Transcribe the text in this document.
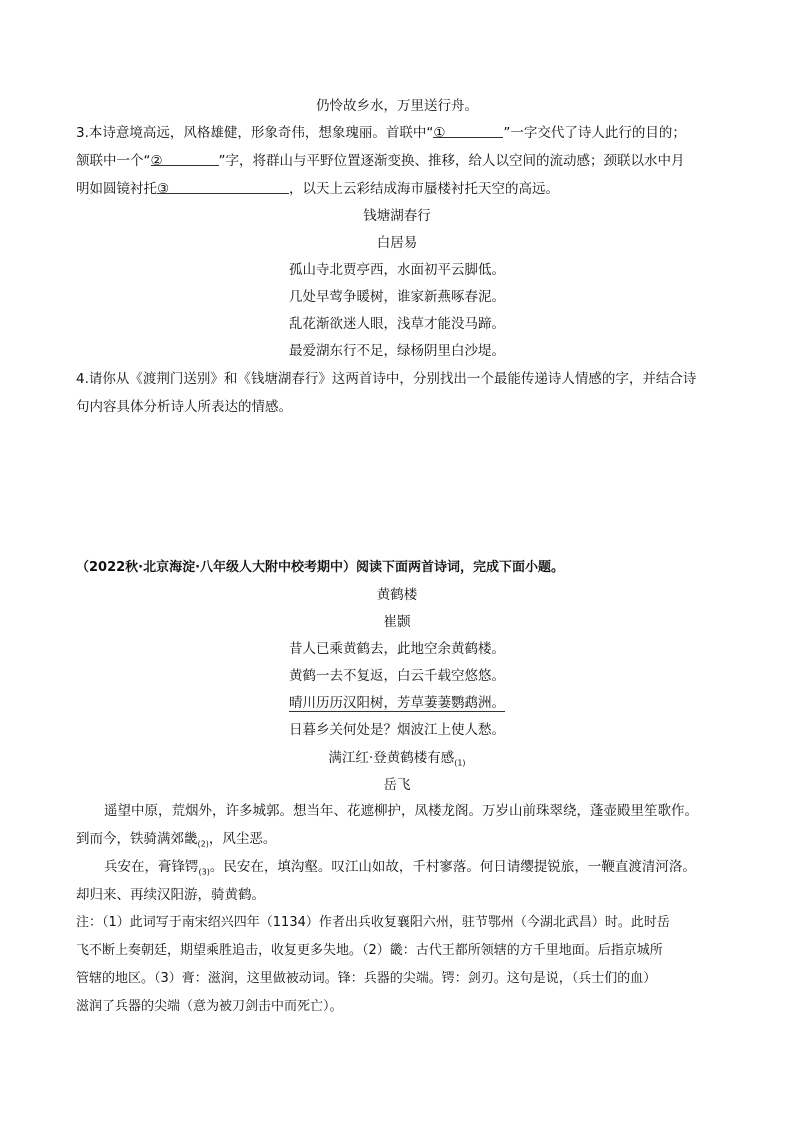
仍怜故乡水，万里送行舟。
3.本诗意境高远，风格雄健，形象奇伟，想象瑰丽。首联中“①	”一字交代了诗人此行的目的；
颔联中一个“②	”字，将群山与平野位置逐渐变换、推移，给人以空间的流动感；颈联以水中月
明如圆镜衬托③	，以天上云彩结成海市蜃楼衬托天空的高远。
钱塘湖春行
白居易
孤山寺北贾亭西，水面初平云脚低。
几处早莺争暖树，谁家新燕啄春泥。
乱花渐欲迷人眼，浅草才能没马蹄。
最爱湖东行不足，绿杨阴里白沙堤。
4.请你从《渡荆门送别》和《钱塘湖春行》这两首诗中，分别找出一个最能传递诗人情感的字，并结合诗
句内容具体分析诗人所表达的情感。
（2022秋·北京海淀·八年级人大附中校考期中）阅读下面两首诗词，完成下面小题。
黄鹤楼
崔颢
昔人已乘黄鹤去，此地空余黄鹤楼。
黄鹤一去不复返，白云千载空悠悠。
晴川历历汉阳树，芳草萋萋鹦鹉洲。
日暮乡关何处是？烟波江上使人愁。
满江红·登黄鹤楼有感$_{(1)}$
岳飞
遥望中原，荒烟外，许多城郭。想当年、花遮柳护，凤楼龙阁。万岁山前珠翠绕，蓬壶殿里笙歌作。
到而今，铁骑满郊畿$_{(2)}$，风尘恶。
兵安在，膏锋锷$_{(3)}$。民安在，填沟壑。叹江山如故，千村寥落。何日请缨提锐旅，一鞭直渡清河洛。
却归来、再续汉阳游，骑黄鹤。
注：（1）此词写于南宋绍兴四年（1134）作者出兵收复襄阳六州，驻节鄂州（今湖北武昌）时。此时岳
飞不断上奏朝廷，期望乘胜追击，收复更多失地。（2）畿：古代王都所领辖的方千里地面。后指京城所
管辖的地区。（3）膏：滋润，这里做被动词。锋：兵器的尖端。锷：剑刃。这句是说，（兵士们的血）
滋润了兵器的尖端（意为被刀剑击中而死亡）。
